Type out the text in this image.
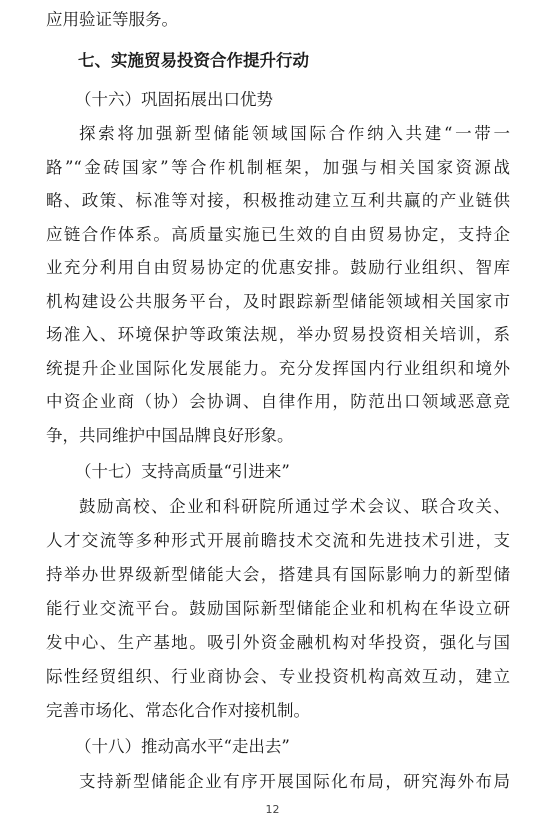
应用验证等服务。
七、实施贸易投资合作提升行动
（十六）巩固拓展出口优势
探索将加强新型储能领域国际合作纳入共建“一带一
路”“金砖国家”等合作机制框架，加强与相关国家资源战
略、政策、标准等对接，积极推动建立互利共赢的产业链供
应链合作体系。高质量实施已生效的自由贸易协定，支持企
业充分利用自由贸易协定的优惠安排。鼓励行业组织、智库
机构建设公共服务平台，及时跟踪新型储能领域相关国家市
场准入、环境保护等政策法规，举办贸易投资相关培训，系
统提升企业国际化发展能力。充分发挥国内行业组织和境外
中资企业商（协）会协调、自律作用，防范出口领域恶意竞
争，共同维护中国品牌良好形象。
（十七）支持高质量“引进来”
鼓励高校、企业和科研院所通过学术会议、联合攻关、
人才交流等多种形式开展前瞻技术交流和先进技术引进，支
持举办世界级新型储能大会，搭建具有国际影响力的新型储
能行业交流平台。鼓励国际新型储能企业和机构在华设立研
发中心、生产基地。吸引外资金融机构对华投资，强化与国
际性经贸组织、行业商协会、专业投资机构高效互动，建立
完善市场化、常态化合作对接机制。
（十八）推动高水平“走出去”
支持新型储能企业有序开展国际化布局，研究海外布局
12
